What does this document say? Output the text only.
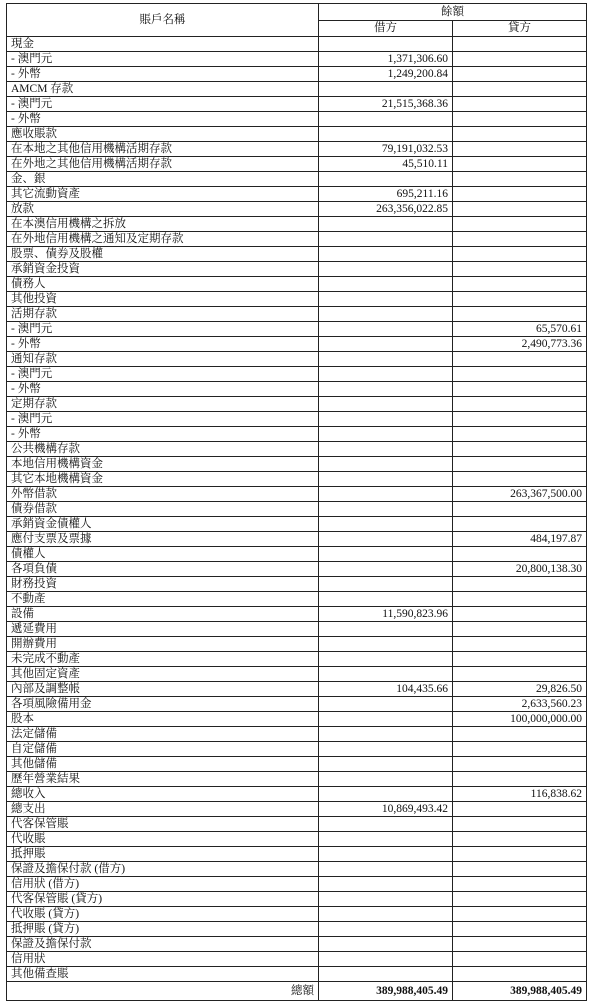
賬戶名稱	餘額	
	借方	貸方
現金		
- 澳門元	1,371,306.60	
- 外幣	1,249,200.84	
AMCM 存款		
- 澳門元	21,515,368.36	
- 外幣		
應收賬款		
在本地之其他信用機構活期存款	79,191,032.53	
在外地之其他信用機構活期存款	45,510.11	
金、銀		
其它流動資產	695,211.16	
放款	263,356,022.85	
在本澳信用機構之拆放		
在外地信用機構之通知及定期存款		
股票、債券及股權		
承銷資金投資		
債務人		
其他投資		
活期存款		
- 澳門元		65,570.61
- 外幣		2,490,773.36
通知存款		
- 澳門元		
- 外幣		
定期存款		
- 澳門元		
- 外幣		
公共機構存款		
本地信用機構資金		
其它本地機構資金		
外幣借款		263,367,500.00
債券借款		
承銷資金債權人		
應付支票及票據		484,197.87
債權人		
各項負債		20,800,138.30
財務投資		
不動產		
設備	11,590,823.96	
遞延費用		
開辦費用		
未完成不動產		
其他固定資產		
內部及調整帳	104,435.66	29,826.50
各項風險備用金		2,633,560.23
股本		100,000,000.00
法定儲備		
自定儲備		
其他儲備		
歷年營業結果		
總收入		116,838.62
總支出	10,869,493.42	
代客保管賬		
代收賬		
抵押賬		
保證及擔保付款 (借方)		
信用狀 (借方)		
代客保管賬 (貸方)		
代收賬 (貸方)		
抵押賬 (貸方)		
保證及擔保付款		
信用狀		
其他備查賬		
總額	389,988,405.49	389,988,405.49
